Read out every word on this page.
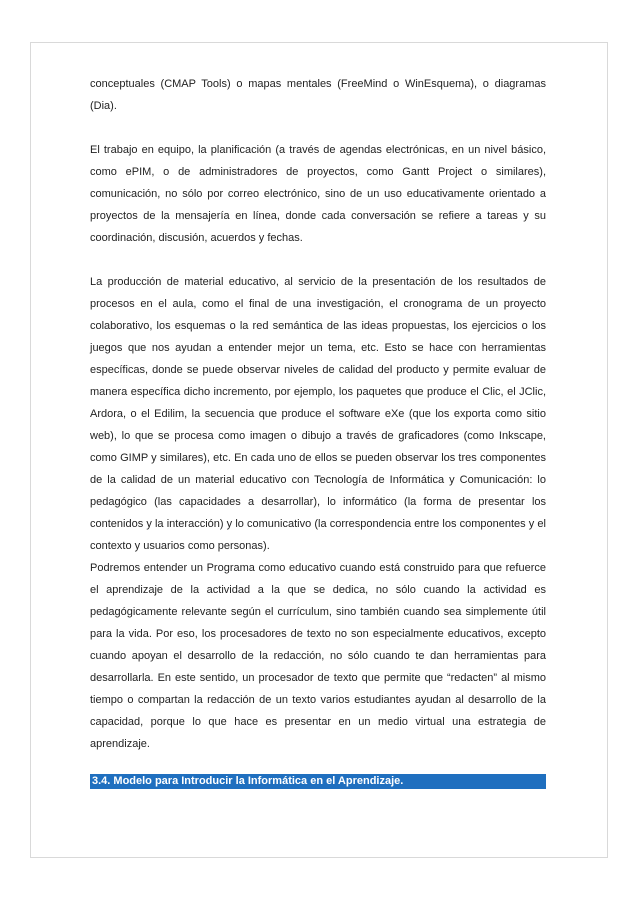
conceptuales (CMAP Tools) o mapas mentales (FreeMind o WinEsquema), o diagramas (Dia).

El trabajo en equipo, la planificación (a través de agendas electrónicas, en un nivel básico, como ePIM, o de administradores de proyectos, como Gantt Project o similares), comunicación, no sólo por correo electrónico, sino de un uso educativamente orientado a proyectos de la mensajería en línea, donde cada conversación se refiere a tareas y su coordinación, discusión, acuerdos y fechas.

La producción de material educativo, al servicio de la presentación de los resultados de procesos en el aula, como el final de una investigación, el cronograma de un proyecto colaborativo, los esquemas o la red semántica de las ideas propuestas, los ejercicios o los juegos que nos ayudan a entender mejor un tema, etc. Esto se hace con herramientas específicas, donde se puede observar niveles de calidad del producto y permite evaluar de manera específica dicho incremento, por ejemplo, los paquetes que produce el Clic, el JClic, Ardora, o el Edilim, la secuencia que produce el software eXe (que los exporta como sitio web), lo que se procesa como imagen o dibujo a través de graficadores (como Inkscape, como GIMP y similares), etc. En cada uno de ellos se pueden observar los tres componentes de la calidad de un material educativo con Tecnología de Informática y Comunicación: lo pedagógico (las capacidades a desarrollar), lo informático (la forma de presentar los contenidos y la interacción) y lo comunicativo (la correspondencia entre los componentes y el contexto y usuarios como personas).

Podremos entender un Programa como educativo cuando está construido para que refuerce el aprendizaje de la actividad a la que se dedica, no sólo cuando la actividad es pedagógicamente relevante según el currículum, sino también cuando sea simplemente útil para la vida. Por eso, los procesadores de texto no son especialmente educativos, excepto cuando apoyan el desarrollo de la redacción, no sólo cuando te dan herramientas para desarrollarla. En este sentido, un procesador de texto que permite que “redacten” al mismo tiempo o compartan la redacción de un texto varios estudiantes ayudan al desarrollo de la capacidad, porque lo que hace es presentar en un medio virtual una estrategia de aprendizaje.

3.4. Modelo para Introducir la Informática en el Aprendizaje.
